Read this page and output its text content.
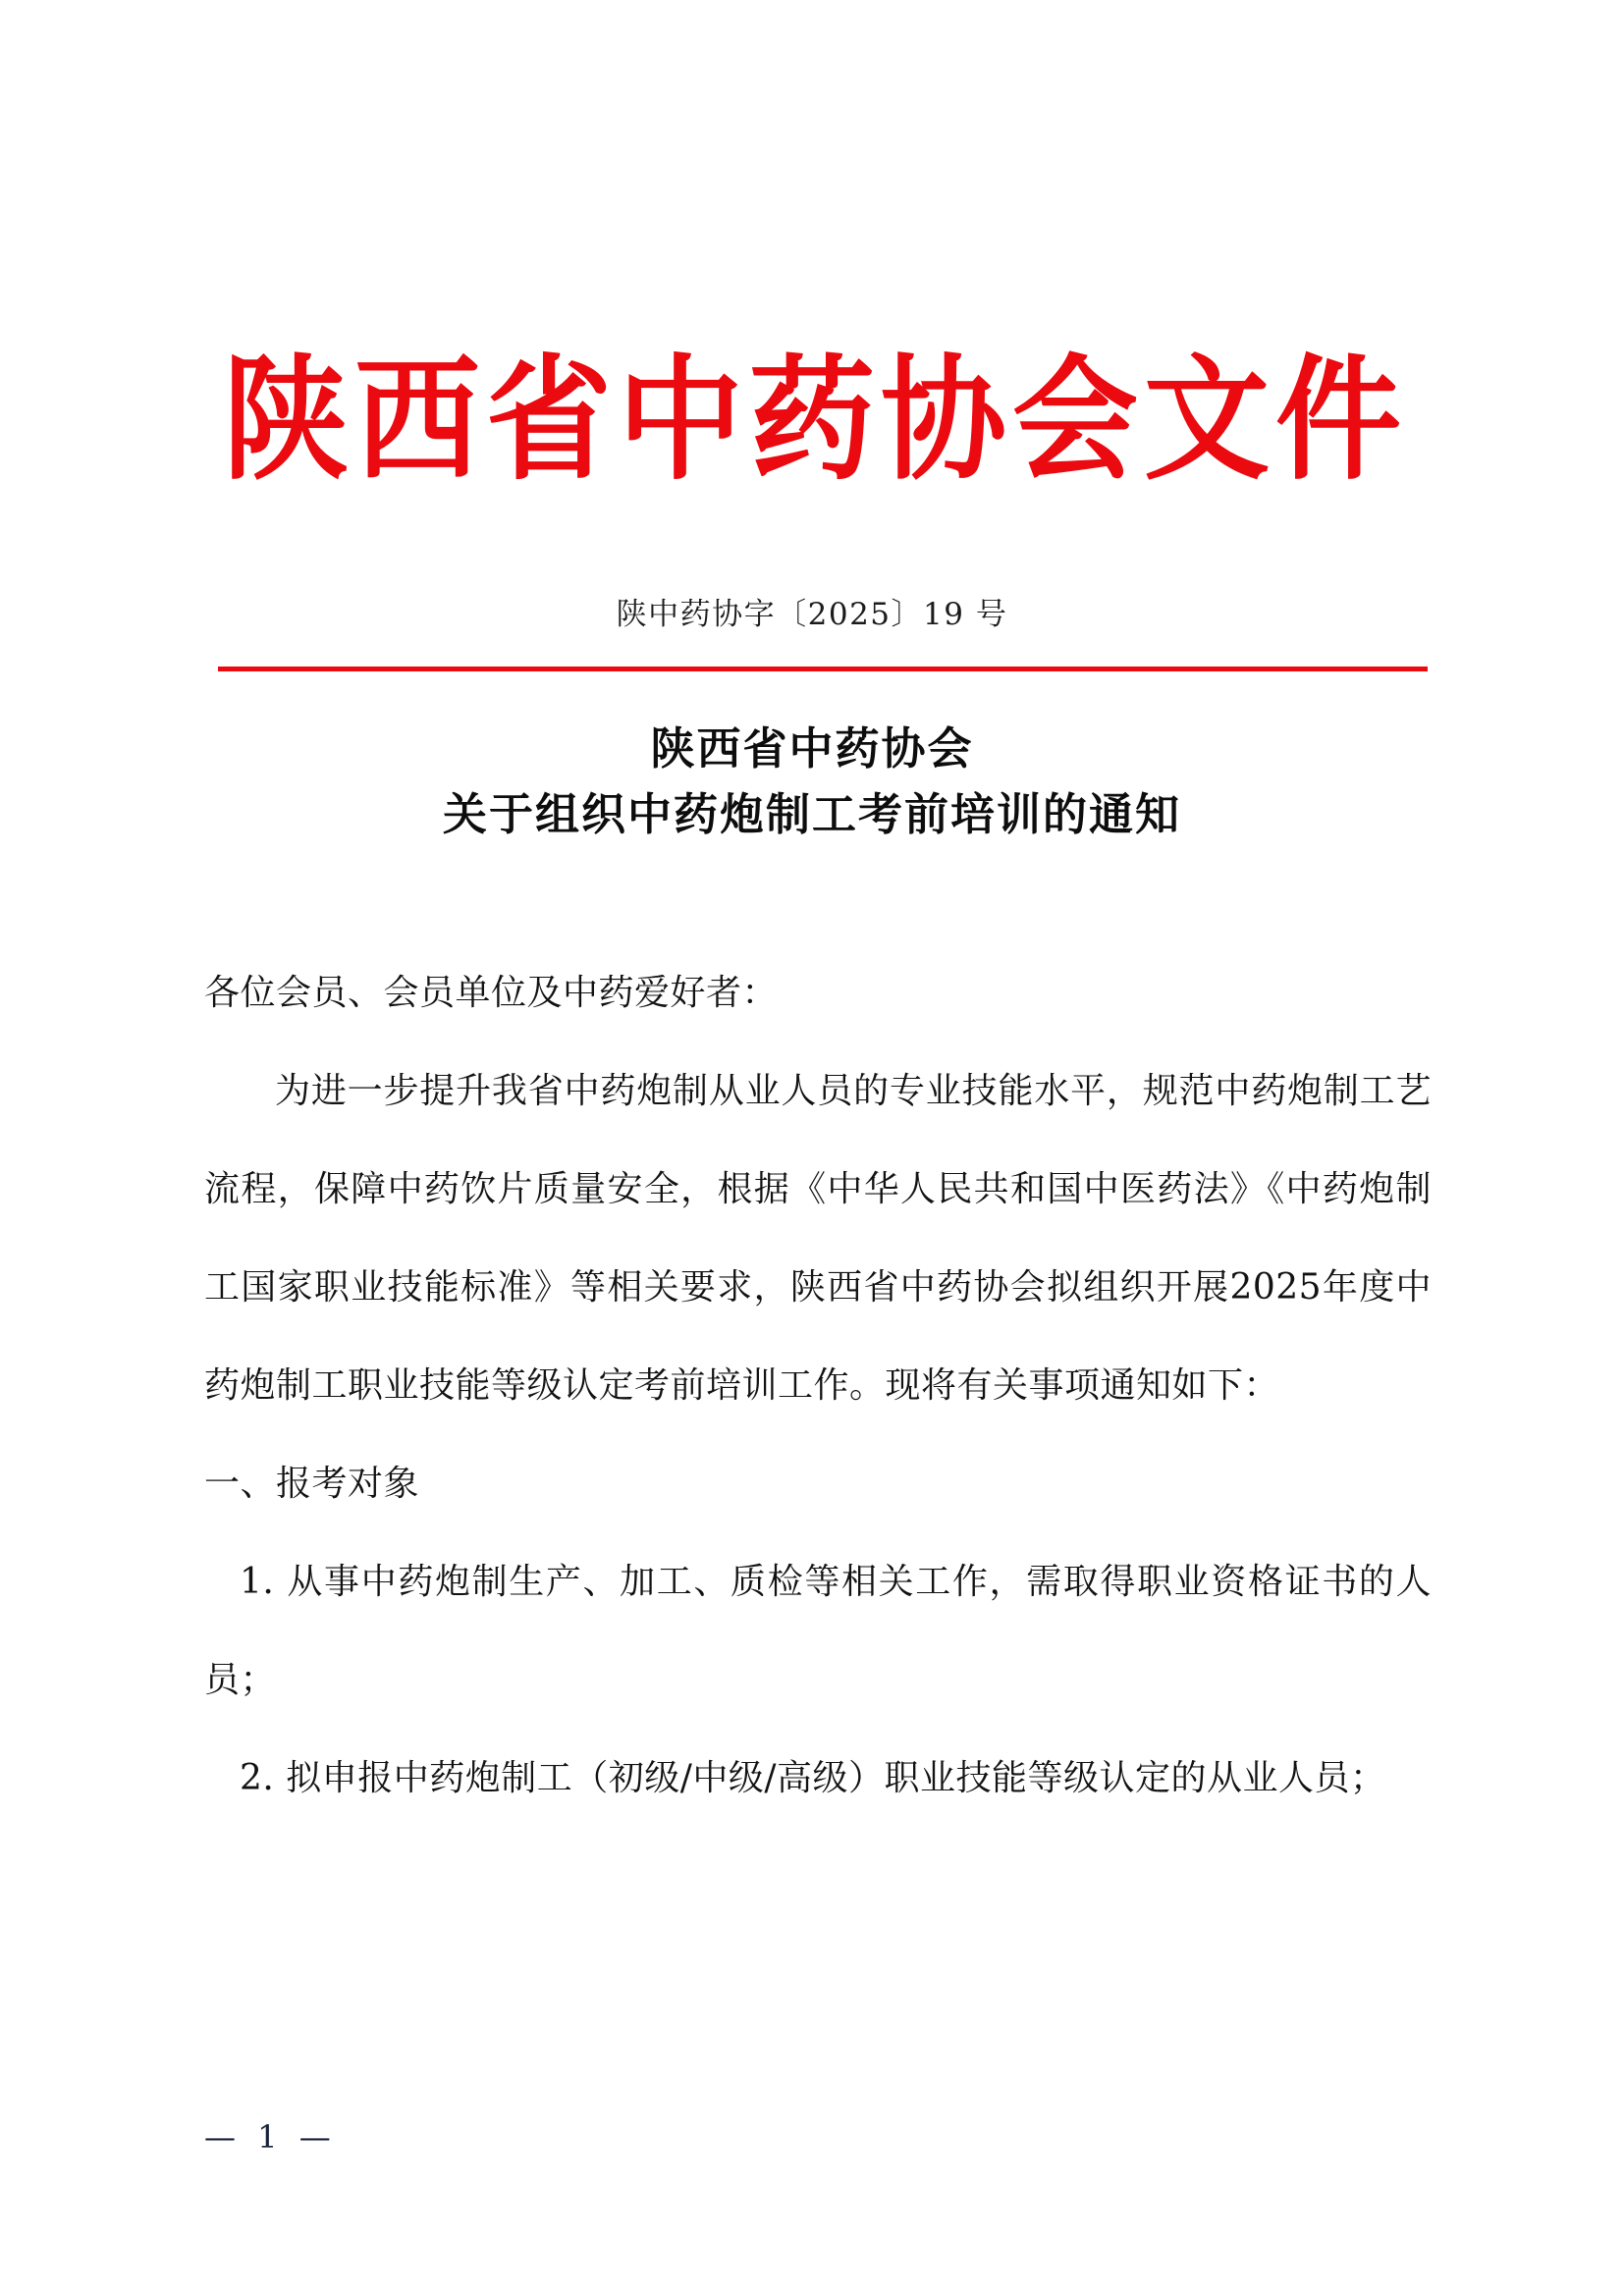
陕西省中药协会文件
陕中药协字〔2025〕19 号
陕西省中药协会
关于组织中药炮制工考前培训的通知

各位会员、会员单位及中药爱好者：

为进一步提升我省中药炮制从业人员的专业技能水平，规范中药炮制工艺流程，保障中药饮片质量安全，根据《中华人民共和国中医药法》《中药炮制工国家职业技能标准》等相关要求，陕西省中药协会拟组织开展2025年度中药炮制工职业技能等级认定考前培训工作。现将有关事项通知如下：

一、报考对象

1. 从事中药炮制生产、加工、质检等相关工作，需取得职业资格证书的人员；

2. 拟申报中药炮制工（初级/中级/高级）职业技能等级认定的从业人员；

— 1 —
